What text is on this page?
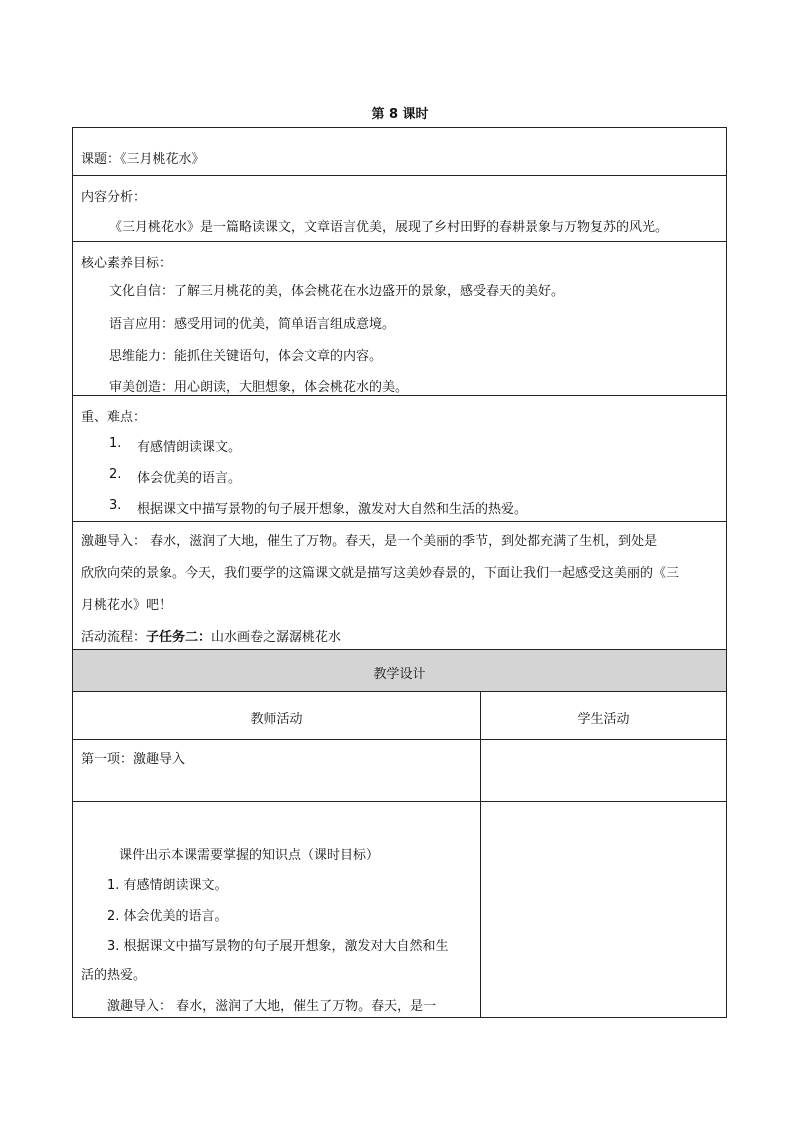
第 8 课时
课题：《三月桃花水》
内容分析：
《三月桃花水》是一篇略读课文，文章语言优美，展现了乡村田野的春耕景象与万物复苏的风光。
核心素养目标：
文化自信：了解三月桃花的美，体会桃花在水边盛开的景象，感受春天的美好。
语言应用：感受用词的优美，简单语言组成意境。
思维能力：能抓住关键语句，体会文章的内容。
审美创造：用心朗读，大胆想象，体会桃花水的美。
重、难点：
1. 有感情朗读课文。
2. 体会优美的语言。
3. 根据课文中描写景物的句子展开想象，激发对大自然和生活的热爱。
激趣导入： 春水，滋润了大地，催生了万物。春天，是一个美丽的季节，到处都充满了生机，到处是
欣欣向荣的景象。今天，我们要学的这篇课文就是描写这美妙春景的，下面让我们一起感受这美丽的《三
月桃花水》吧！
活动流程：子任务二：山水画卷之潺潺桃花水
教学设计
教师活动	学生活动
第一项：激趣导入
课件出示本课需要掌握的知识点（课时目标）
1. 有感情朗读课文。
2. 体会优美的语言。
3. 根据课文中描写景物的句子展开想象，激发对大自然和生
活的热爱。
激趣导入： 春水，滋润了大地，催生了万物。春天，是一
